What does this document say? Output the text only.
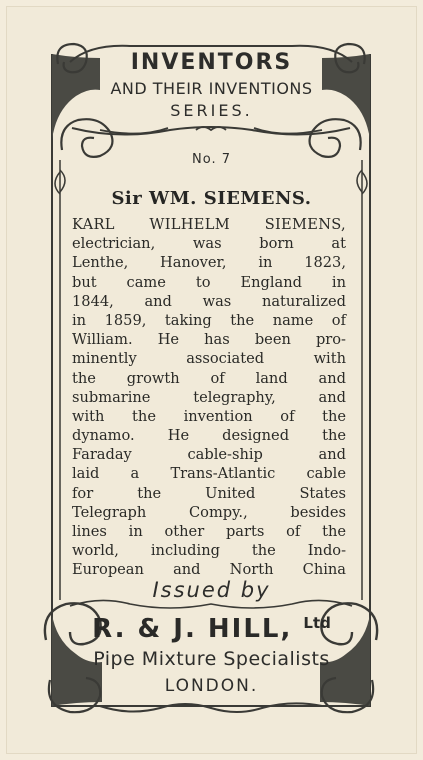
INVENTORS
AND THEIR INVENTIONS
SERIES.
No. 7
Sir WM. SIEMENS.
KARL WILHELM SIEMENS,
electrician, was born at
Lenthe, Hanover, in 1823,
but came to England in
1844, and was naturalized
in 1859, taking the name of
William. He has been pro-
minently associated with
the growth of land and
submarine telegraphy, and
with the invention of the
dynamo. He designed the
Faraday cable-ship and
laid a Trans-Atlantic cable
for the United States
Telegraph Compy., besides
lines in other parts of the
world, including the Indo-
European and North China
Issued by
R. & J. HILL, $^{Ltd}$
Pipe Mixture Specialists
LONDON.
